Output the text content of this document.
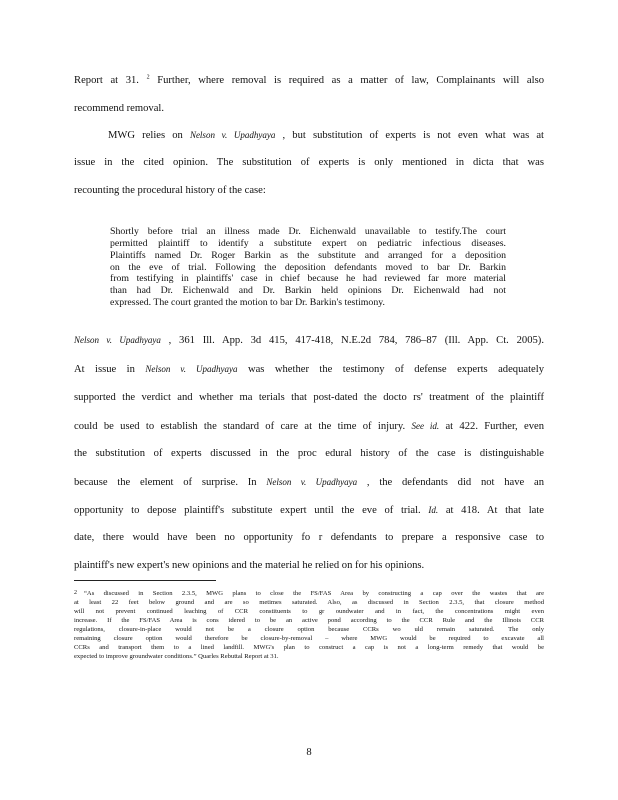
Report at 31. $^2$ Further, where removal is required as a matter of law, Complainants will also
recommend removal.
MWG relies on Nelson v. Upadhyaya , but substitution of experts is not even what was at
issue in the cited opinion. The substitution of experts is only mentioned in dicta that was
recounting the procedural history of the case:
Shortly before trial an illness made Dr. Eichenwald unavailable to testify.The court
permitted plaintiff to identify a substitute expert on pediatric infectious diseases.
Plaintiffs named Dr. Roger Barkin as the substitute and arranged for a deposition
on the eve of trial. Following the deposition defendants moved to bar Dr. Barkin
from testifying in plaintiffs' case in chief because he had reviewed far more material
than had Dr. Eichenwald and Dr. Barkin held opinions Dr. Eichenwald had not
expressed. The court granted the motion to bar Dr. Barkin's testimony.
Nelson v. Upadhyaya , 361 Ill. App. 3d 415, 417-418, N.E.2d 784, 786–87 (Ill. App. Ct. 2005).
At issue in Nelson v. Upadhyaya was whether the testimony of defense experts adequately
supported the verdict and whether ma terials that post-dated the docto rs' treatment of the plaintiff
could be used to establish the standard of care at the time of injury. See id. at 422. Further, even
the substitution of experts discussed in the proc edural history of the case is distinguishable
because the element of surprise. In Nelson v. Upadhyaya , the defendants did not have an
opportunity to depose plaintiff's substitute expert until the eve of trial. Id. at 418. At that late
date, there would have been no opportunity fo r defendants to prepare a responsive case to
plaintiff's new expert's new opinions and the material he relied on for his opinions.
2 “As discussed in Section 2.3.5, MWG plans to close the FS/FAS Area by constructing a cap over the wastes that are
at least 22 feet below ground and are so metimes saturated. Also, as discussed in Section 2.3.5, that closure method
will not prevent continued leaching of CCR constituents to gr oundwater and in fact, the concentrations might even
increase. If the FS/FAS Area is cons idered to be an active pond according to the CCR Rule and the Illinois CCR
regulations, closure-in-place would not be a closure option because CCRs wo uld remain saturated. The only
remaining closure option would therefore be closure-by-removal – where MWG would be required to excavate all
CCRs and transport them to a lined landfill. MWG's plan to construct a cap is not a long-term remedy that would be
expected to improve groundwater conditions.” Quarles Rebuttal Report at 31.
8
